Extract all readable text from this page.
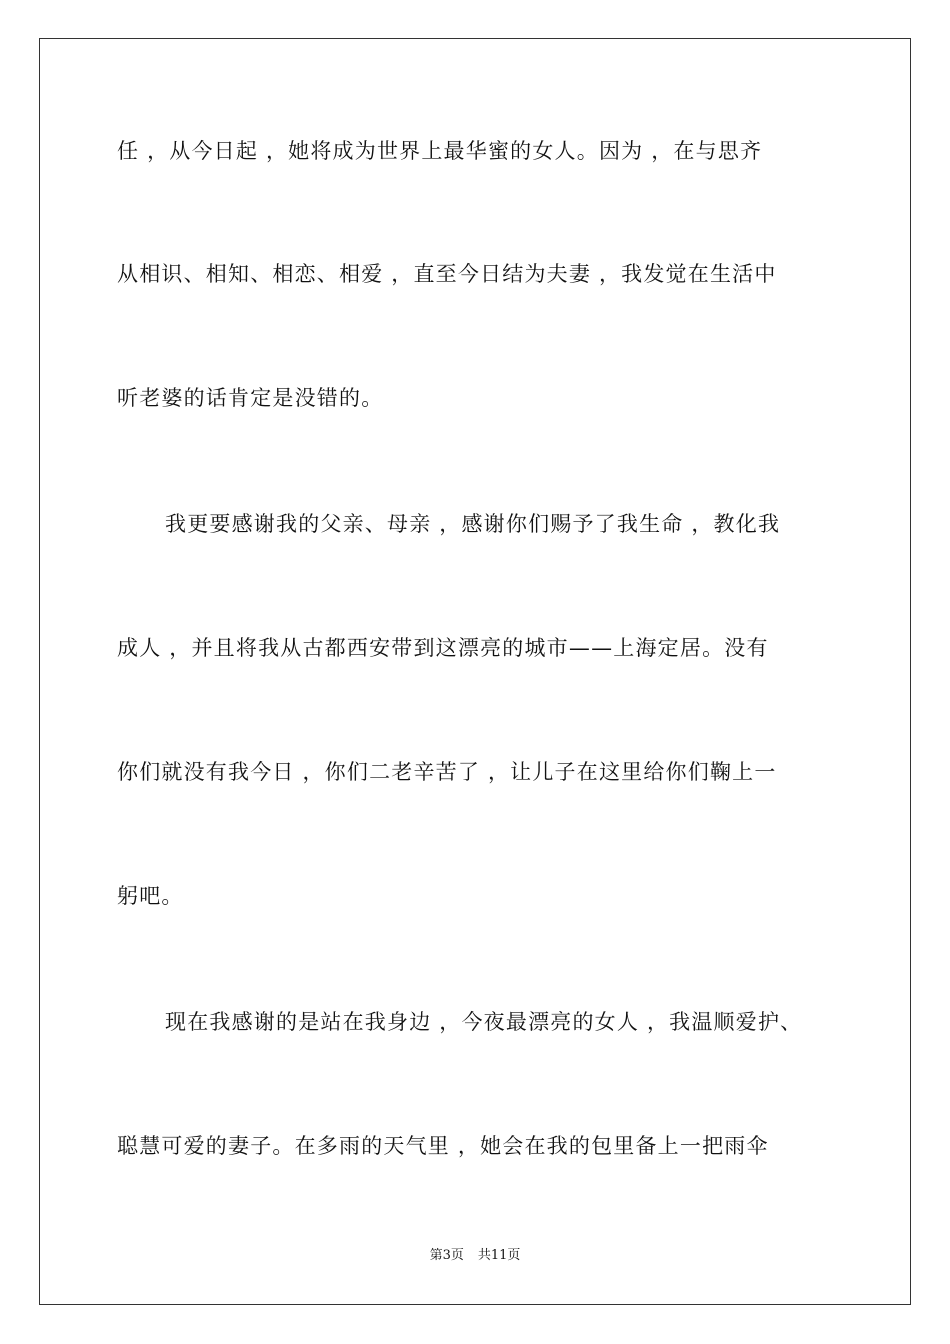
任 ，从今日起 ，她将成为世界上最华蜜的女人。因为 ，在与思齐
从相识、相知、相恋、相爱 ，直至今日结为夫妻 ，我发觉在生活中
听老婆的话肯定是没错的。
我更要感谢我的父亲、母亲 ，感谢你们赐予了我生命 ，教化我
成人 ，并且将我从古都西安带到这漂亮的城市——上海定居。没有
你们就没有我今日 ，你们二老辛苦了 ，让儿子在这里给你们鞠上一
躬吧。
现在我感谢的是站在我身边 ，今夜最漂亮的女人 ，我温顺爱护、
聪慧可爱的妻子。在多雨的天气里 ，她会在我的包里备上一把雨伞
第3页 共11页
